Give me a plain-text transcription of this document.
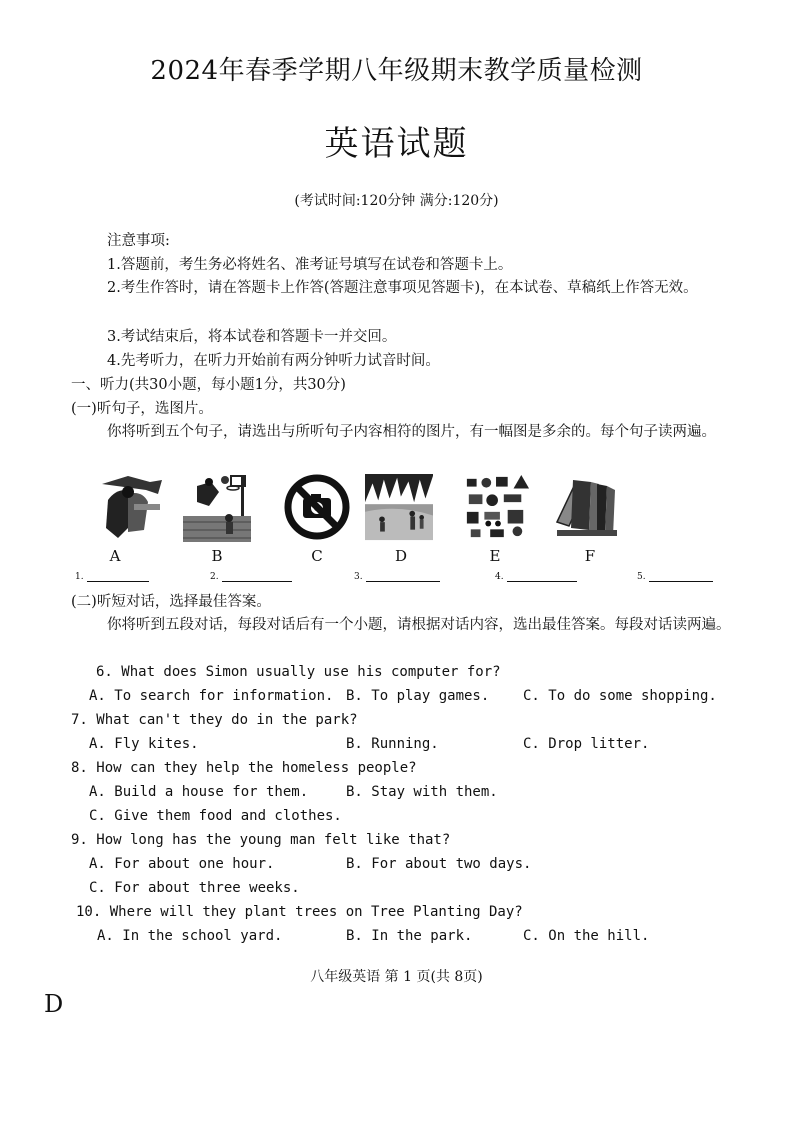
2024年春季学期八年级期末教学质量检测
英语试题
(考试时间:120分钟 满分:120分)
注意事项:
1.答题前，考生务必将姓名、准考证号填写在试卷和答题卡上。
2.考生作答时，请在答题卡上作答(答题注意事项见答题卡)，在本试卷、草稿纸上作答无效。
3.考试结束后，将本试卷和答题卡一并交回。
4.先考听力，在听力开始前有两分钟听力试音时间。
一、听力(共30小题，每小题1分，共30分)
(一)听句子，选图片。
你将听到五个句子，请选出与所听句子内容相符的图片，有一幅图是多余的。每个句子读两遍。
A	B	C	D	E	F
1.	2.	3.	4.	5.
(二)听短对话，选择最佳答案。
你将听到五段对话，每段对话后有一个小题，请根据对话内容，选出最佳答案。每段对话读两遍。
6. What does Simon usually use his computer for?
A. To search for information. B. To play games. C. To do some shopping.
7. What can't they do in the park?
A. Fly kites.	B. Running.	C. Drop litter.
8. How can they help the homeless people?
A. Build a house for them.	B. Stay with them.
C. Give them food and clothes.
9. How long has the young man felt like that?
A. For about one hour.	B. For about two days.
C. For about three weeks.
10. Where will they plant trees on Tree Planting Day?
A. In the school yard.	B. In the park.	C. On the hill.
八年级英语 第 1 页(共 8页)
D
